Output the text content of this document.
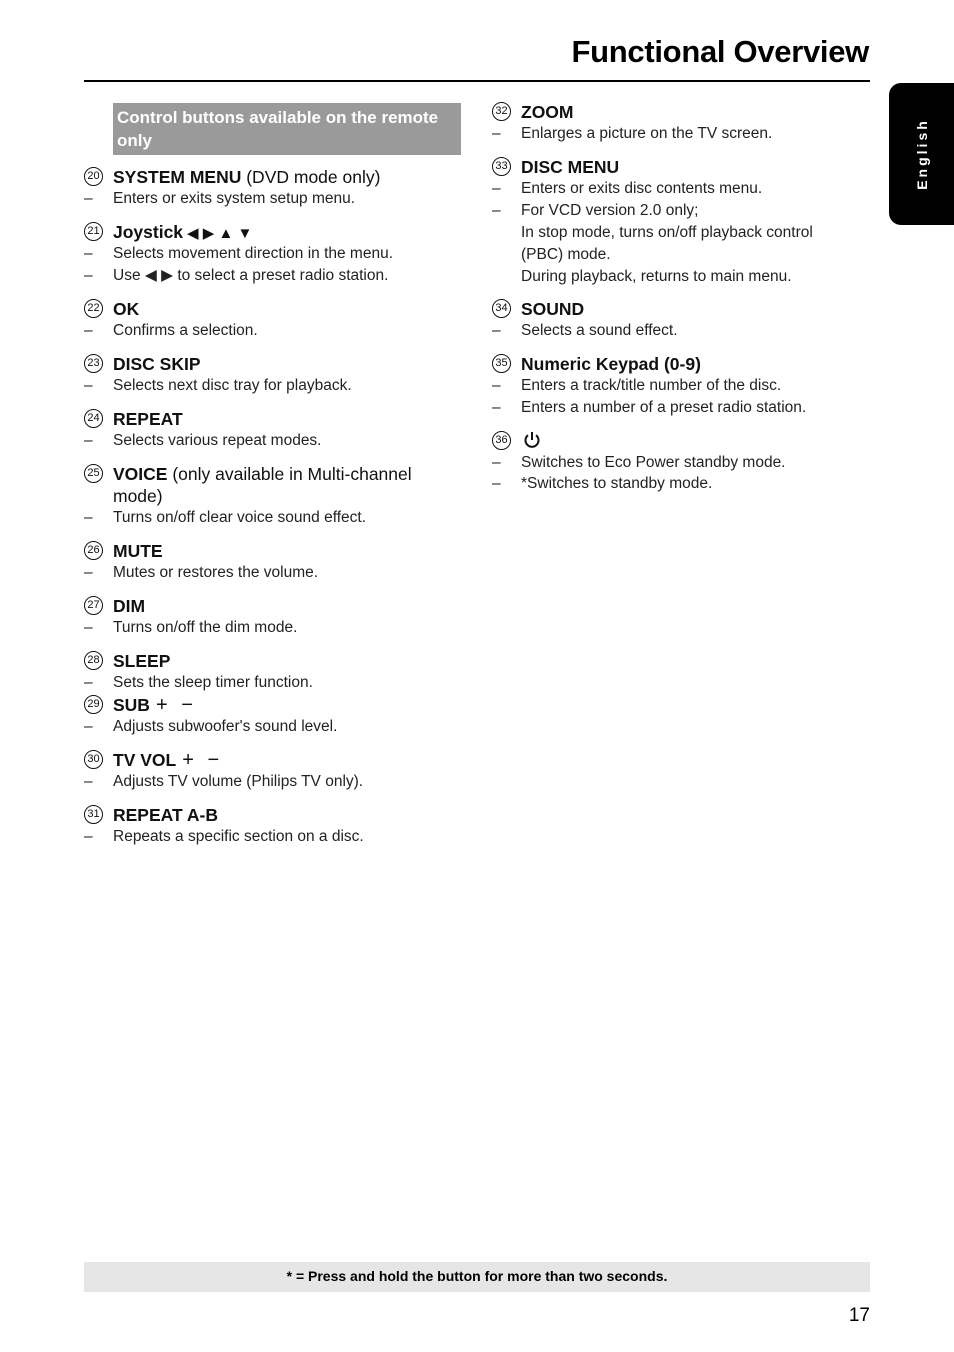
Functional Overview
English
Control buttons available on the remote only
20 SYSTEM MENU (DVD mode only)
– Enters or exits system setup menu.
21 Joystick ◀ ▶ ▲ ▼
– Selects movement direction in the menu.
– Use ◀ ▶ to select a preset radio station.
22 OK
– Confirms a selection.
23 DISC SKIP
– Selects next disc tray for playback.
24 REPEAT
– Selects various repeat modes.
25 VOICE (only available in Multi-channel
mode)
– Turns on/off clear voice sound effect.
26 MUTE
– Mutes or restores the volume.
27 DIM
– Turns on/off the dim mode.
28 SLEEP
– Sets the sleep timer function.
29 SUB + −
– Adjusts subwoofer's sound level.
30 TV VOL + −
– Adjusts TV volume (Philips TV only).
31 REPEAT A-B
– Repeats a specific section on a disc.
32 ZOOM
– Enlarges a picture on the TV screen.
33 DISC MENU
– Enters or exits disc contents menu.
– For VCD version 2.0 only;
In stop mode, turns on/off playback control
(PBC) mode.
During playback, returns to main menu.
34 SOUND
– Selects a sound effect.
35 Numeric Keypad (0-9)
– Enters a track/title number of the disc.
– Enters a number of a preset radio station.
36
– Switches to Eco Power standby mode.
– *Switches to standby mode.
* = Press and hold the button for more than two seconds.
17
